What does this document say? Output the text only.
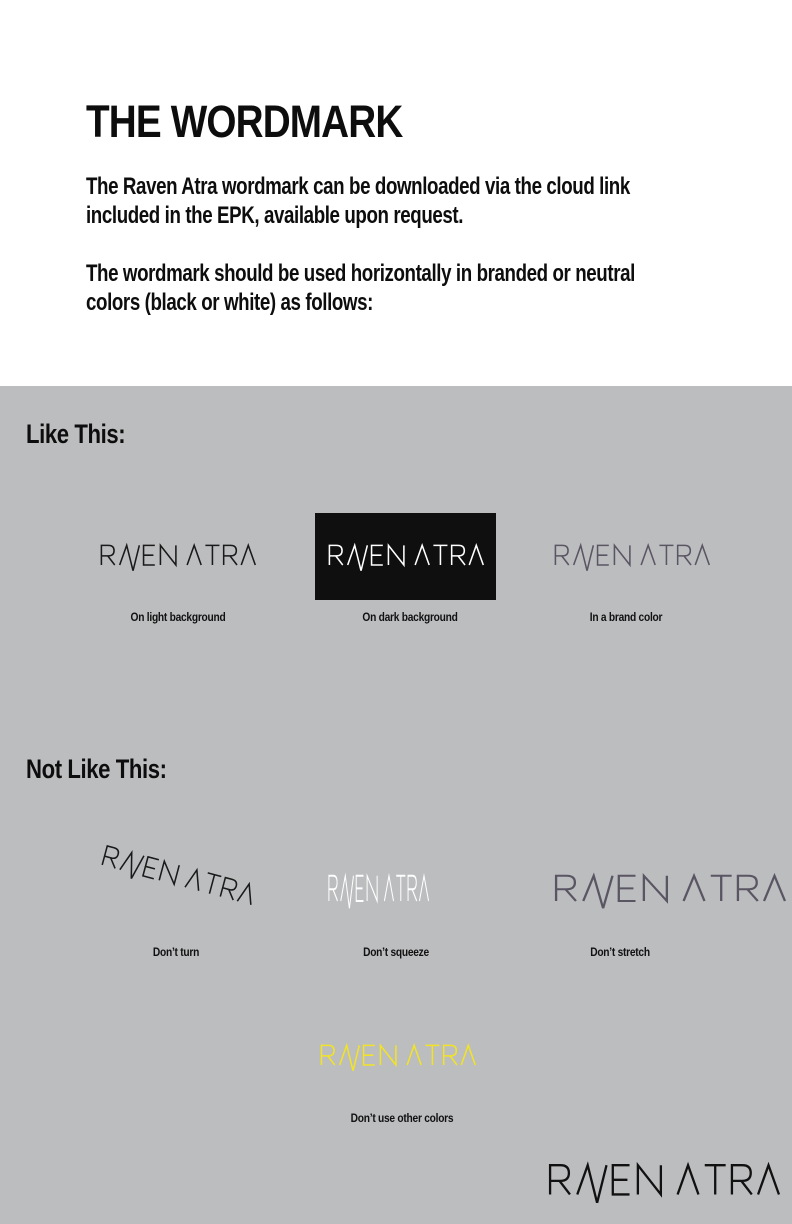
THE WORDMARK
The Raven Atra wordmark can be downloaded via the cloud link
included in the EPK, available upon request.
The wordmark should be used horizontally in branded or neutral
colors (black or white) as follows:
Like This:
On light background	On dark background	In a brand color
Not Like This:
Don’t turn	Don’t squeeze	Don’t stretch
Don’t use other colors
